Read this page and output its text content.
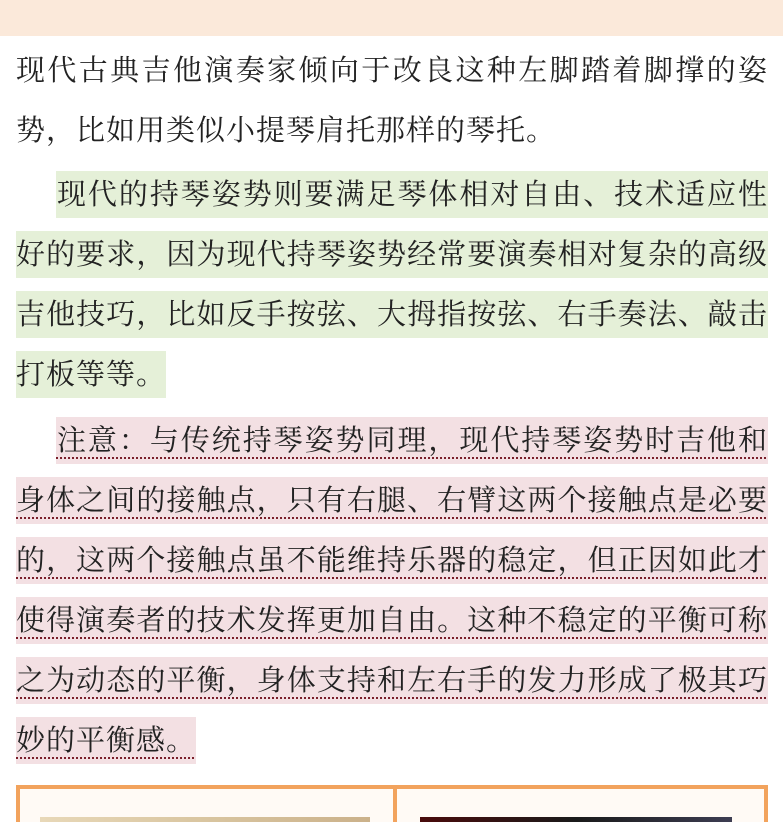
现代古典吉他演奏家倾向于改良这种左脚踏着脚撑的姿势，比如用类似小提琴肩托那样的琴托。

现代的持琴姿势则要满足琴体相对自由、技术适应性好的要求，因为现代持琴姿势经常要演奏相对复杂的高级吉他技巧，比如反手按弦、大拇指按弦、右手奏法、敲击打板等等。

注意：与传统持琴姿势同理，现代持琴姿势时吉他和身体之间的接触点，只有右腿、右臂这两个接触点是必要的，这两个接触点虽不能维持乐器的稳定，但正因如此才使得演奏者的技术发挥更加自由。这种不稳定的平衡可称之为动态的平衡，身体支持和左右手的发力形成了极其巧妙的平衡感。
